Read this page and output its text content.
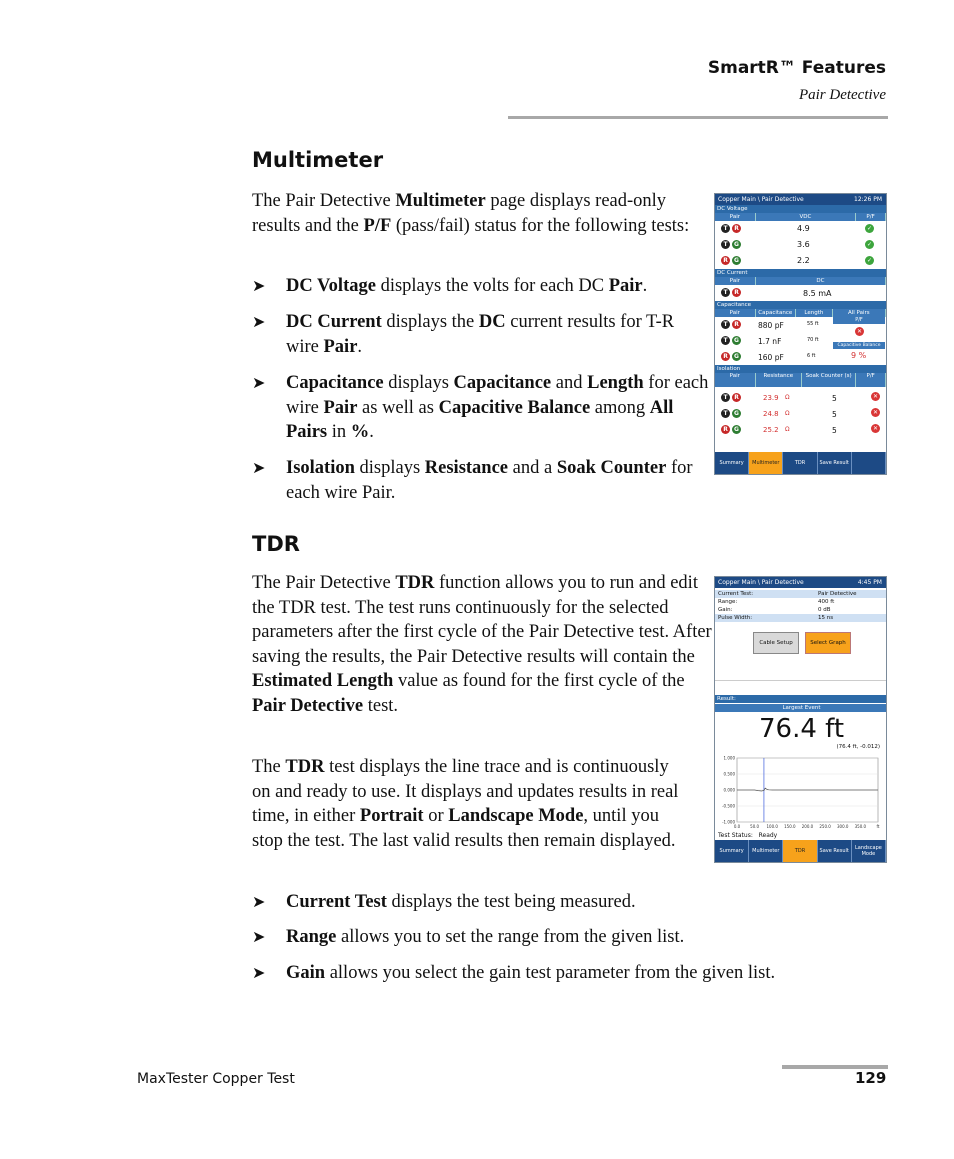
SmartR™ Features
Pair Detective
Multimeter

The Pair Detective Multimeter page displays read-only results and the P/F (pass/fail) status for the following tests:

➤ DC Voltage displays the volts for each DC Pair.
➤ DC Current displays the DC current results for T-R wire Pair.
➤ Capacitance displays Capacitance and Length for each wire Pair as well as Capacitive Balance among All Pairs in %.
➤ Isolation displays Resistance and a Soak Counter for each wire Pair.
Copper Main \ Pair Detective	12:26 PM
DC Voltage
Pair	VDC	P/F
T	R	4.9	✓
T	G	3.6	✓
R	G	2.2	✓
DC Current
Pair	DC
T	R	8.5 mA
Capacitance
Pair	Capacitance	Length	All Pairs
P/F
✕
Capacitive Balance
9 %
T	R	880 pF	55 ft
T	G	1.7 nF	70 ft
R	G	160 pF	6 ft
Isolation
Pair	Resistance	Soak Counter (s)	P/F
T	R	23.9 Ω	5	✕
T	G	24.8 Ω	5	✕
R	G	25.2 Ω	5	✕
Summary	Multimeter	TDR	Save Result
TDR

The Pair Detective TDR function allows you to run and edit the TDR test. The test runs continuously for the selected parameters after the first cycle of the Pair Detective test. After saving the results, the Pair Detective results will contain the Estimated Length value as found for the first cycle of the Pair Detective test.

The TDR test displays the line trace and is continuously on and ready to use. It displays and updates results in real time, in either Portrait or Landscape Mode, until you stop the test. The last valid results then remain displayed.

➤ Current Test displays the test being measured.
➤ Range allows you to set the range from the given list.
➤ Gain allows you select the gain test parameter from the given list.
Copper Main \ Pair Detective	4:45 PM
Current Test:	Pair Detective
Range:	400 ft
Gain:	0 dB
Pulse Width:	15 ns
Cable Setup	Select Graph
Result:
Largest Event
76.4 ft
(76.4 ft, -0.012)
1.000
0.500
0.000
-0.500
-1.000
0.0 50.0 100.0 150.0 200.0 250.0 300.0 350.0	ft
Test Status: Ready
Summary	Multimeter	TDR	Save Result	Landscape Mode
MaxTester Copper Test	129
